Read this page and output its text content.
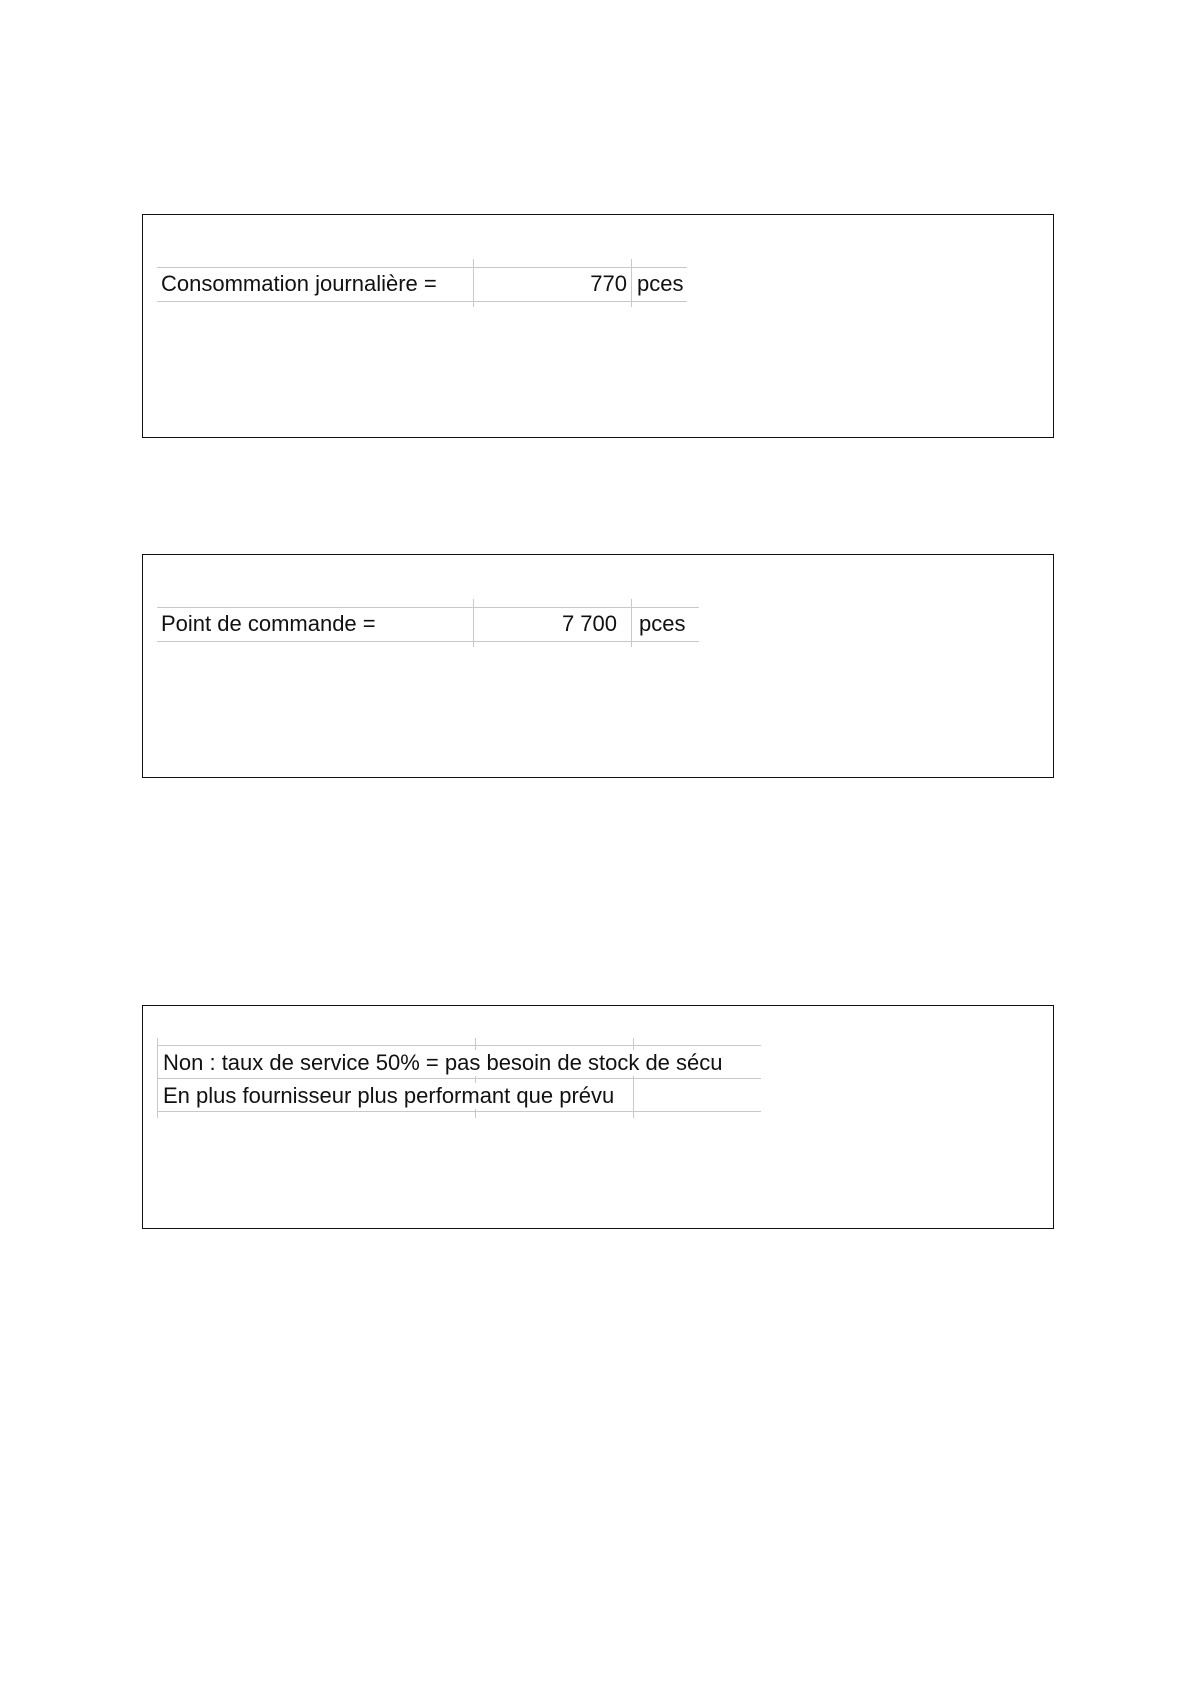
Consommation journalière =	770 pces
Point de commande =	7 700 pces
Non : taux de service 50% = pas besoin de stock de sécu
En plus fournisseur plus performant que prévu
